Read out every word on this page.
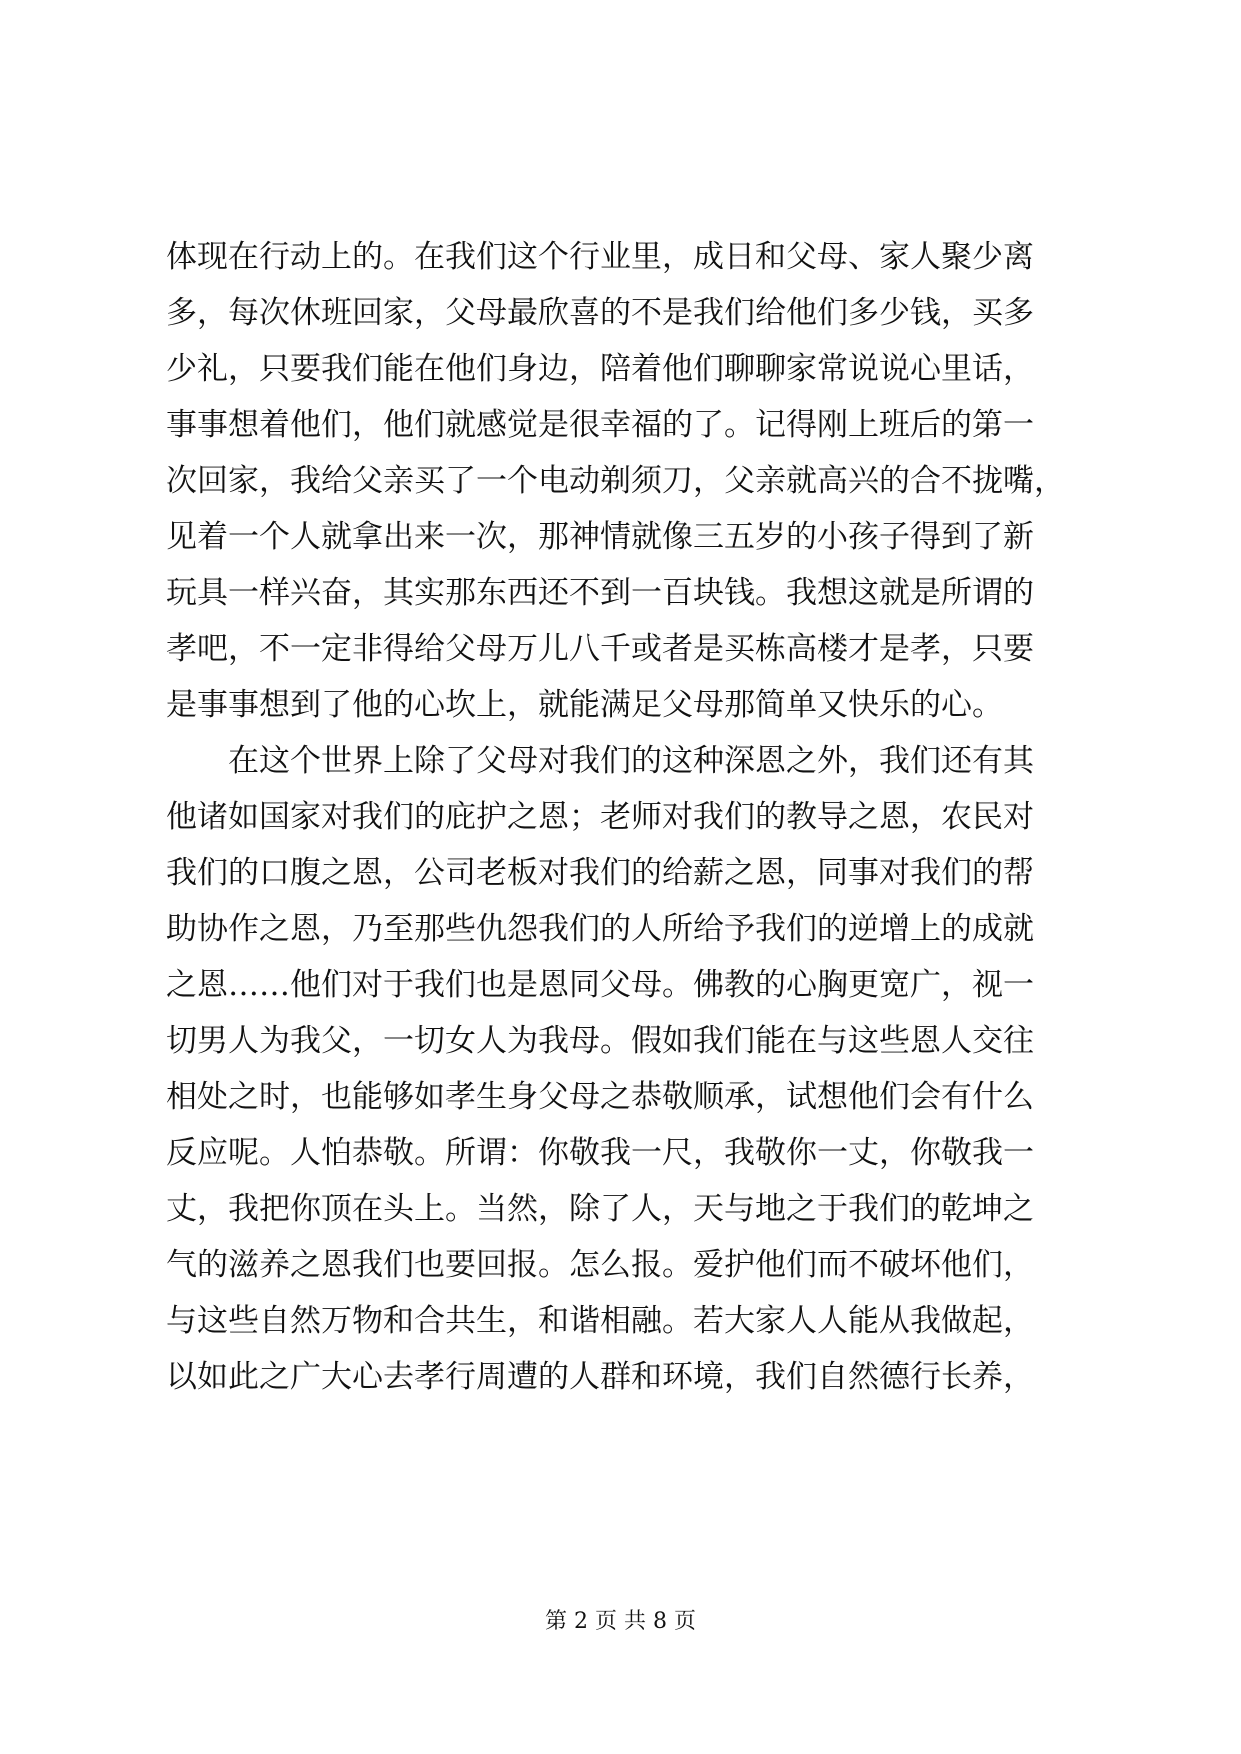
体现在行动上的。在我们这个行业里，成日和父母、家人聚少离
多，每次休班回家，父母最欣喜的不是我们给他们多少钱，买多
少礼，只要我们能在他们身边，陪着他们聊聊家常说说心里话，
事事想着他们，他们就感觉是很幸福的了。记得刚上班后的第一
次回家，我给父亲买了一个电动剃须刀，父亲就高兴的合不拢嘴，
见着一个人就拿出来一次，那神情就像三五岁的小孩子得到了新
玩具一样兴奋，其实那东西还不到一百块钱。我想这就是所谓的
孝吧，不一定非得给父母万儿八千或者是买栋高楼才是孝，只要
是事事想到了他的心坎上，就能满足父母那简单又快乐的心。
在这个世界上除了父母对我们的这种深恩之外，我们还有其
他诸如国家对我们的庇护之恩；老师对我们的教导之恩，农民对
我们的口腹之恩，公司老板对我们的给薪之恩，同事对我们的帮
助协作之恩，乃至那些仇怨我们的人所给予我们的逆增上的成就
之恩……他们对于我们也是恩同父母。佛教的心胸更宽广，视一
切男人为我父，一切女人为我母。假如我们能在与这些恩人交往
相处之时，也能够如孝生身父母之恭敬顺承，试想他们会有什么
反应呢。人怕恭敬。所谓：你敬我一尺，我敬你一丈，你敬我一
丈，我把你顶在头上。当然，除了人，天与地之于我们的乾坤之
气的滋养之恩我们也要回报。怎么报。爱护他们而不破坏他们，
与这些自然万物和合共生，和谐相融。若大家人人能从我做起，
以如此之广大心去孝行周遭的人群和环境，我们自然德行长养，
第 2 页 共 8 页
